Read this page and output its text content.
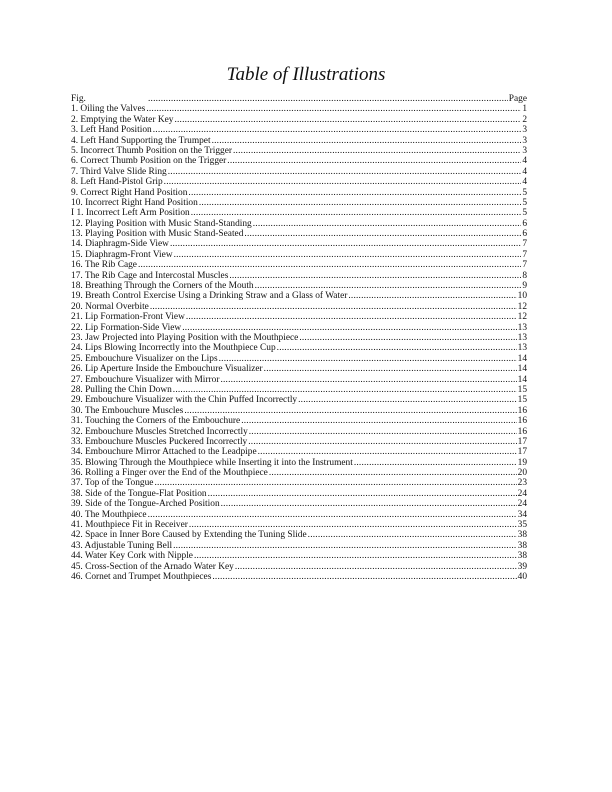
Table of Illustrations
Fig. .....	Page
1. Oiling the Valves .....	1
2. Emptying the Water Key .....	2
3. Left Hand Position .....	3
4. Left Hand Supporting the Trumpet .....	3
5. Incorrect Thumb Position on the Trigger .....	3
6. Correct Thumb Position on the Trigger .....	4
7. Third Valve Slide Ring .....	4
8. Left Hand-Pistol Grip .....	4
9. Correct Right Hand Position .....	5
10. Incorrect Right Hand Position .....	5
I 1. Incorrect Left Arm Position .....	5
12. Playing Position with Music Stand-Standing .....	6
13. Playing Position with Music Stand-Seated .....	6
14. Diaphragm-Side View .....	7
15. Diaphragm-Front View .....	7
16. The Rib Cage .....	7
17. The Rib Cage and Intercostal Muscles .....	8
18. Breathing Through the Corners of the Mouth .....	9
19. Breath Control Exercise Using a Drinking Straw and a Glass of Water .....	10
20. Normal Overbite .....	12
21. Lip Formation-Front View .....	12
22. Lip Formation-Side View .....	13
23. Jaw Projected into Playing Position with the Mouthpiece .....	13
24. Lips Blowing Incorrectly into the Mouthpiece Cup .....	13
25. Embouchure Visualizer on the Lips .....	14
26. Lip Aperture Inside the Embouchure Visualizer .....	14
27. Embouchure Visualizer with Mirror .....	14
28. Pulling the Chin Down .....	15
29. Embouchure Visualizer with the Chin Puffed Incorrectly .....	15
30. The Embouchure Muscles .....	16
31. Touching the Corners of the Embouchure .....	16
32. Embouchure Muscles Stretched Incorrectly .....	16
33. Embouchure Muscles Puckered Incorrectly .....	17
34. Embouchure Mirror Attached to the Leadpipe .....	17
35. Blowing Through the Mouthpiece while Inserting it into the Instrument .....	19
36. Rolling a Finger over the End of the Mouthpiece .....	20
37. Top of the Tongue .....	23
38. Side of the Tongue-Flat Position .....	24
39. Side of the Tongue-Arched Position .....	24
40. The Mouthpiece .....	34
41. Mouthpiece Fit in Receiver .....	35
42. Space in Inner Bore Caused by Extending the Tuning Slide .....	38
43. Adjustable Tuning Bell .....	38
44. Water Key Cork with Nipple .....	38
45. Cross-Section of the Arnado Water Key .....	39
46. Cornet and Trumpet Mouthpieces .....	40
